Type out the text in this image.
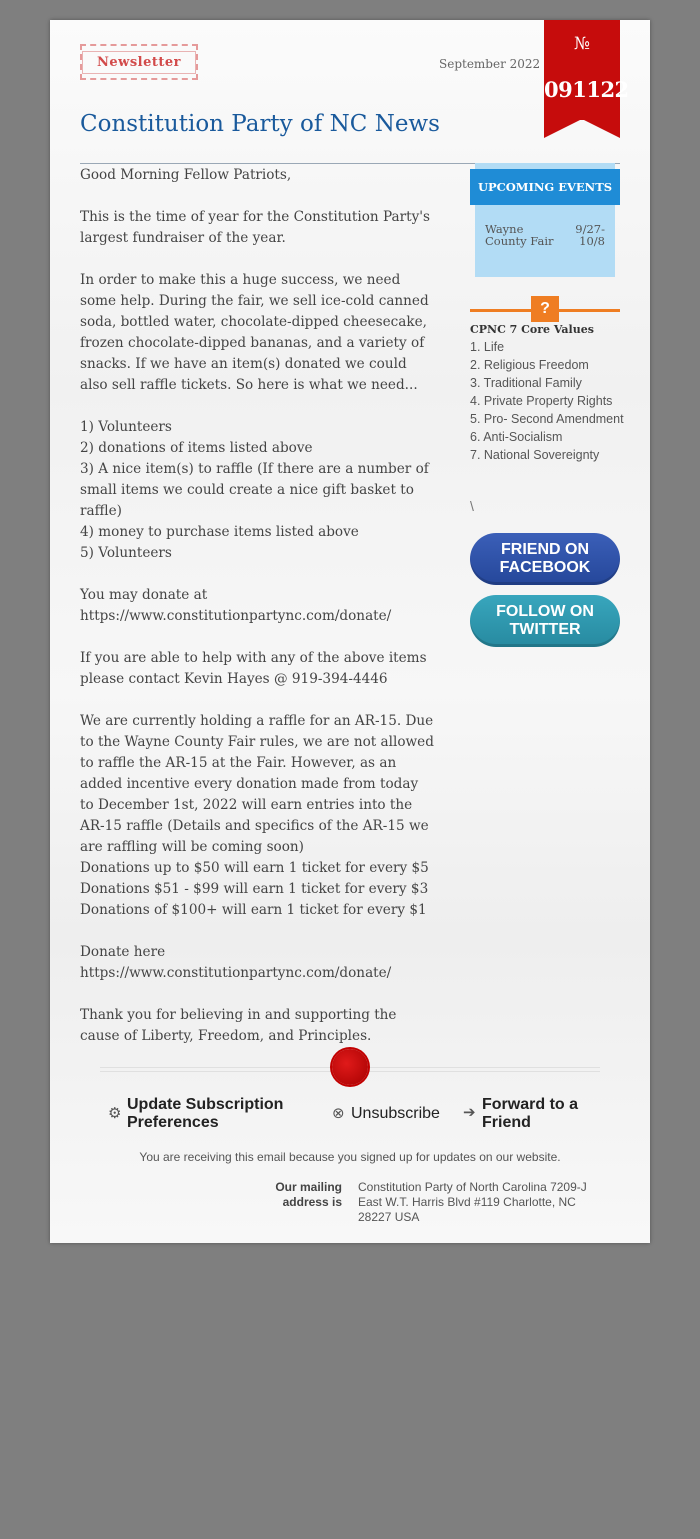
Newsletter	September 2022
№
091122
Constitution Party of NC News

Good Morning Fellow Patriots,

This is the time of year for the Constitution Party's largest fundraiser of the year.

In order to make this a huge success, we need some help. During the fair, we sell ice-cold canned soda, bottled water, chocolate-dipped cheesecake, frozen chocolate-dipped bananas, and a variety of snacks. If we have an item(s) donated we could also sell raffle tickets. So here is what we need...

1) Volunteers
2) donations of items listed above
3) A nice item(s) to raffle (If there are a number of small items we could create a nice gift basket to raffle)
4) money to purchase items listed above
5) Volunteers

You may donate at https://www.constitutionpartync.com/donate/

If you are able to help with any of the above items please contact Kevin Hayes @ 919-394-4446

We are currently holding a raffle for an AR-15. Due to the Wayne County Fair rules, we are not allowed to raffle the AR-15 at the Fair. However, as an added incentive every donation made from today to December 1st, 2022 will earn entries into the AR-15 raffle (Details and specifics of the AR-15 we are raffling will be coming soon)
Donations up to $50 will earn 1 ticket for every $5
Donations $51 - $99 will earn 1 ticket for every $3
Donations of $100+ will earn 1 ticket for every $1

Donate here https://www.constitutionpartync.com/donate/

Thank you for believing in and supporting the cause of Liberty, Freedom, and Principles.

UPCOMING EVENTS
Wayne County Fair
9/27-10/8
?
CPNC 7 Core Values
1. Life
2. Religious Freedom
3. Traditional Family
4. Private Property Rights
5. Pro- Second Amendment
6. Anti-Socialism
7. National Sovereignty
\
FRIEND ON FACEBOOK
FOLLOW ON TWITTER
⚙ Update Subscription Preferences
⊗ Unsubscribe ➔ Forward to a Friend
You are receiving this email because you signed up for updates on our website.
Our mailing address is
Constitution Party of North Carolina 7209-J East W.T. Harris Blvd #119 Charlotte, NC 28227 USA
